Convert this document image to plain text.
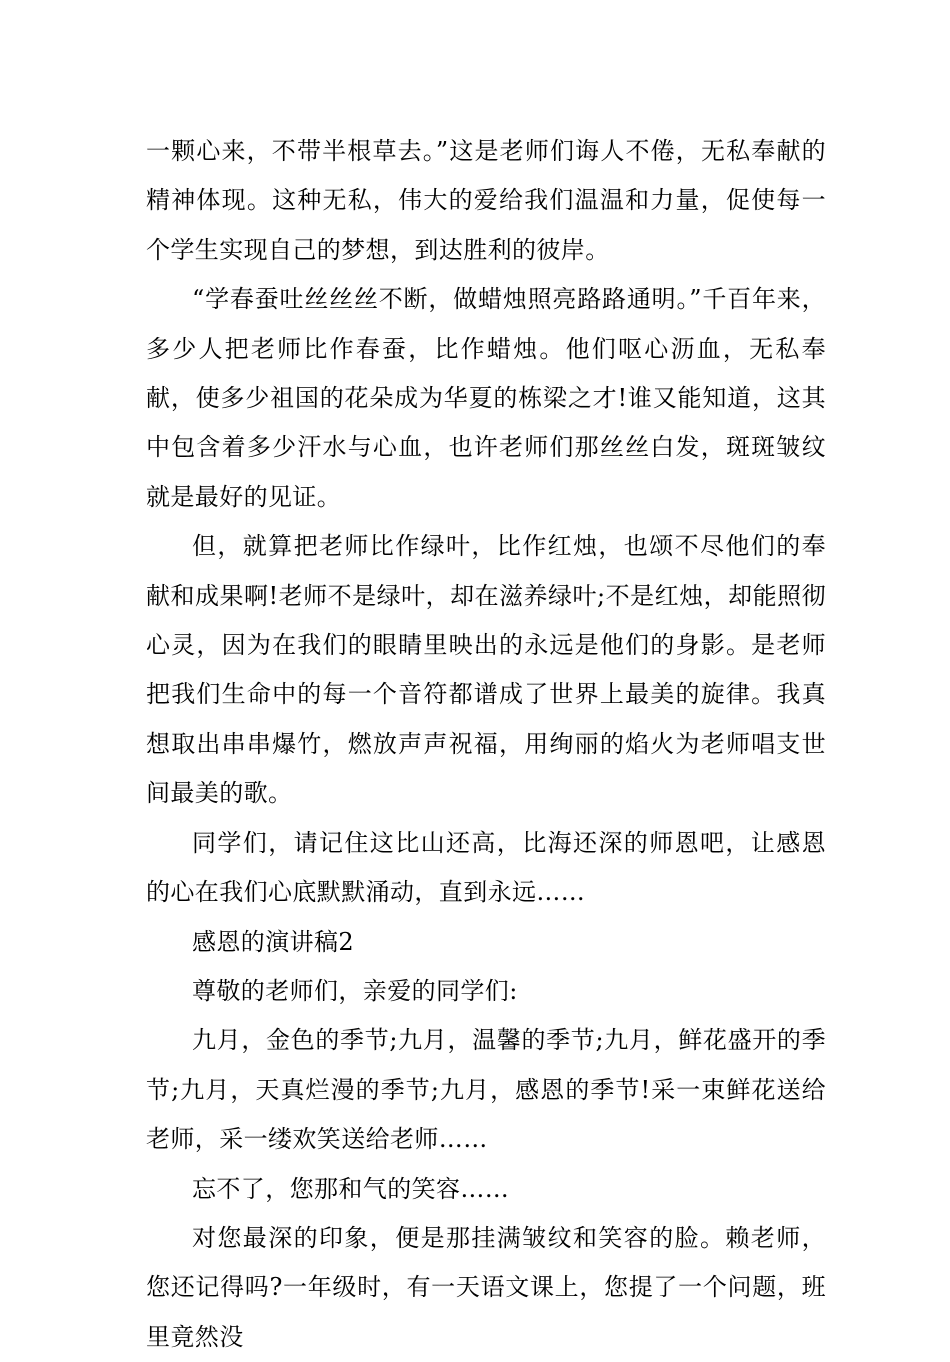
一颗心来，不带半根草去。”这是老师们诲人不倦，无私奉献的精神体现。这种无私，伟大的爱给我们温温和力量，促使每一个学生实现自己的梦想，到达胜利的彼岸。

“学春蚕吐丝丝丝不断，做蜡烛照亮路路通明。”千百年来，多少人把老师比作春蚕，比作蜡烛。他们呕心沥血，无私奉献，使多少祖国的花朵成为华夏的栋梁之才!谁又能知道，这其中包含着多少汗水与心血，也许老师们那丝丝白发，斑斑皱纹就是最好的见证。

但，就算把老师比作绿叶，比作红烛，也颂不尽他们的奉献和成果啊!老师不是绿叶，却在滋养绿叶;不是红烛，却能照彻心灵，因为在我们的眼睛里映出的永远是他们的身影。是老师把我们生命中的每一个音符都谱成了世界上最美的旋律。我真想取出串串爆竹，燃放声声祝福，用绚丽的焰火为老师唱支世间最美的歌。

同学们，请记住这比山还高，比海还深的师恩吧，让感恩的心在我们心底默默涌动，直到永远……

感恩的演讲稿2

尊敬的老师们，亲爱的同学们:

九月，金色的季节;九月，温馨的季节;九月，鲜花盛开的季节;九月，天真烂漫的季节;九月，感恩的季节!采一束鲜花送给老师，采一缕欢笑送给老师……

忘不了，您那和气的笑容……

对您最深的印象，便是那挂满皱纹和笑容的脸。赖老师，您还记得吗?一年级时，有一天语文课上，您提了一个问题，班里竟然没
